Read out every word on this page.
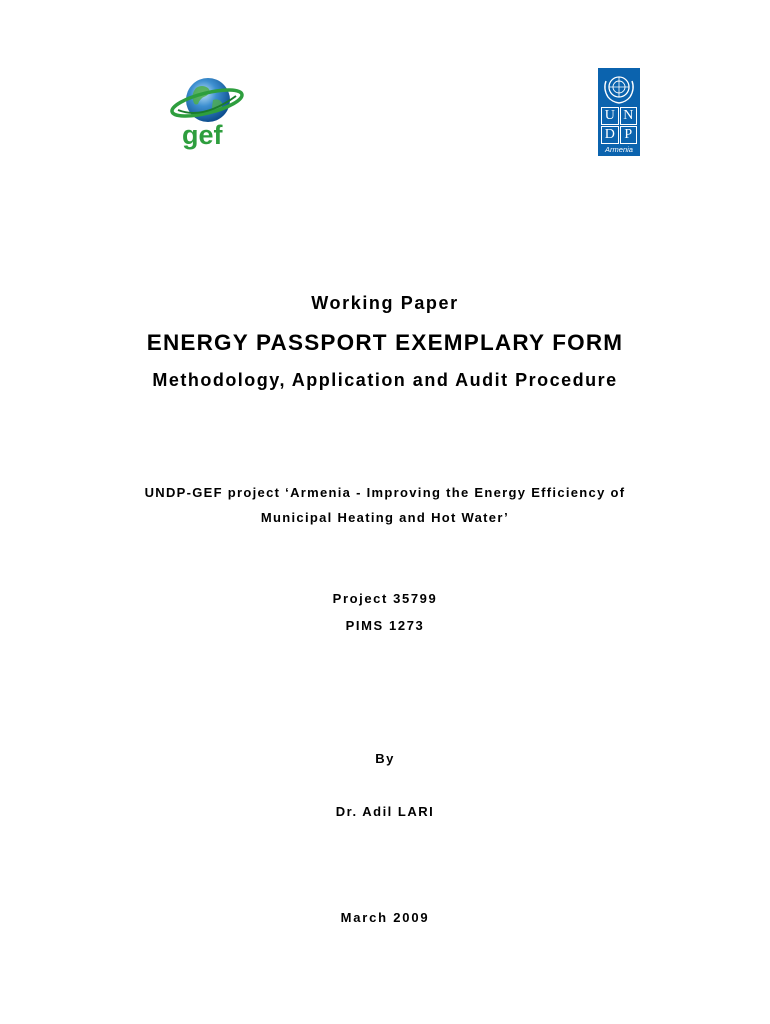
gef
U N
D P
Armenia
Working Paper
ENERGY PASSPORT EXEMPLARY FORM
Methodology, Application and Audit Procedure
UNDP-GEF project ‘Armenia - Improving the Energy Efficiency of
Municipal Heating and Hot Water’
Project 35799
PIMS 1273
By
Dr. Adil LARI
March 2009
